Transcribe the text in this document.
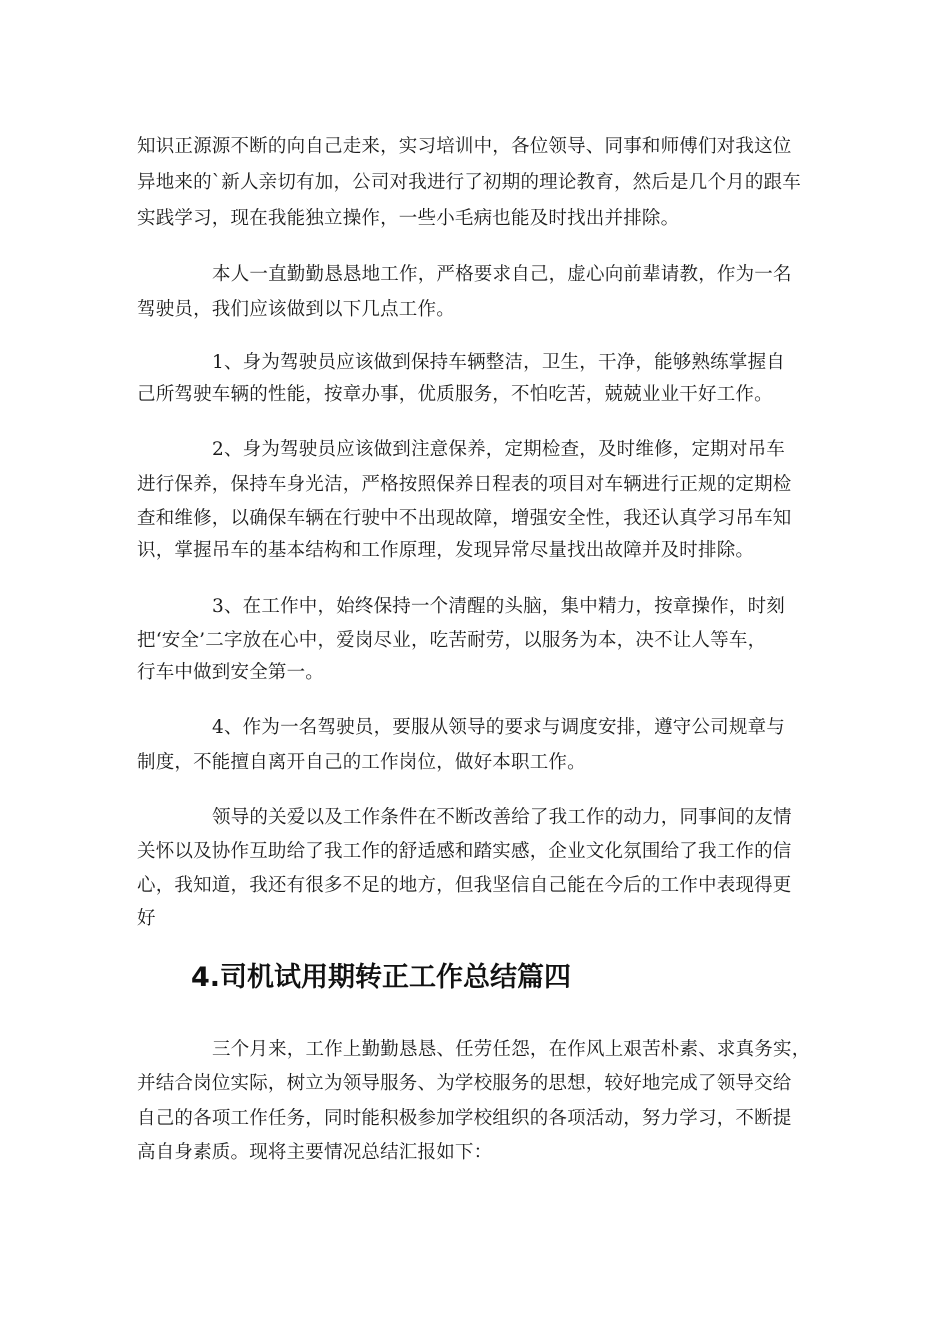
知识正源源不断的向自己走来，实习培训中，各位领导、同事和师傅们对我这位

异地来的`新人亲切有加，公司对我进行了初期的理论教育，然后是几个月的跟车

实践学习，现在我能独立操作，一些小毛病也能及时找出并排除。

本人一直勤勤恳恳地工作，严格要求自己，虚心向前辈请教，作为一名

驾驶员，我们应该做到以下几点工作。

1、身为驾驶员应该做到保持车辆整洁，卫生，干净，能够熟练掌握自

己所驾驶车辆的性能，按章办事，优质服务，不怕吃苦，兢兢业业干好工作。

2、身为驾驶员应该做到注意保养，定期检查，及时维修，定期对吊车

进行保养，保持车身光洁，严格按照保养日程表的项目对车辆进行正规的定期检

查和维修，以确保车辆在行驶中不出现故障，增强安全性，我还认真学习吊车知

识，掌握吊车的基本结构和工作原理，发现异常尽量找出故障并及时排除。

3、在工作中，始终保持一个清醒的头脑，集中精力，按章操作，时刻

把‘安全’二字放在心中，爱岗尽业，吃苦耐劳，以服务为本，决不让人等车，

行车中做到安全第一。

4、作为一名驾驶员，要服从领导的要求与调度安排，遵守公司规章与

制度，不能擅自离开自己的工作岗位，做好本职工作。

领导的关爱以及工作条件在不断改善给了我工作的动力，同事间的友情

关怀以及协作互助给了我工作的舒适感和踏实感，企业文化氛围给了我工作的信

心，我知道，我还有很多不足的地方，但我坚信自己能在今后的工作中表现得更

好

4.司机试用期转正工作总结篇四

三个月来，工作上勤勤恳恳、任劳任怨，在作风上艰苦朴素、求真务实，

并结合岗位实际，树立为领导服务、为学校服务的思想，较好地完成了领导交给

自己的各项工作任务，同时能积极参加学校组织的各项活动，努力学习，不断提

高自身素质。现将主要情况总结汇报如下：
